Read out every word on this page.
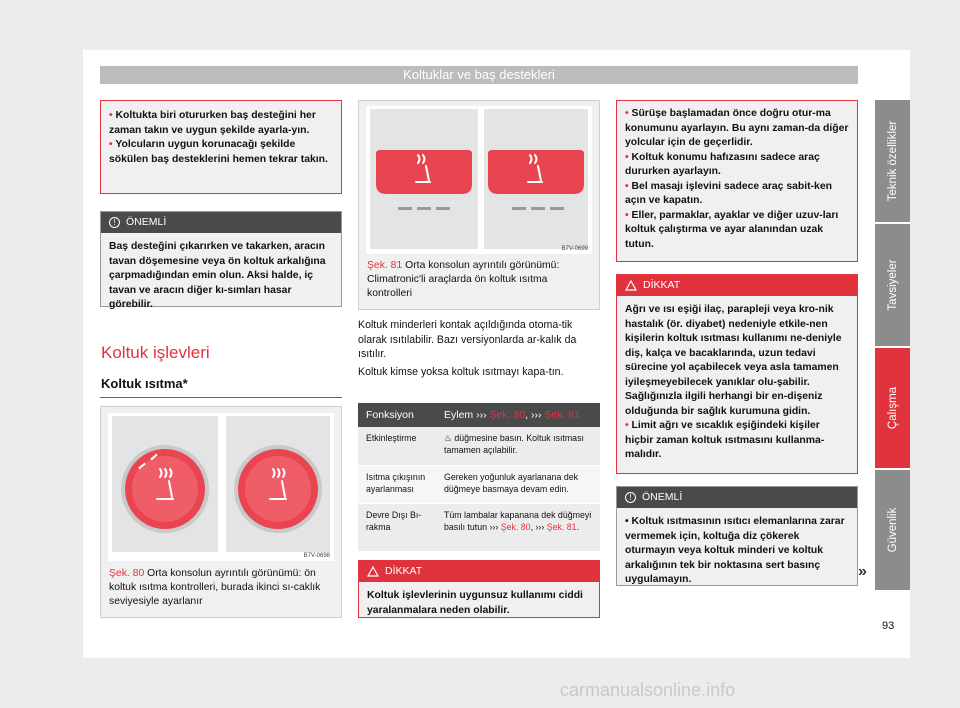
Koltuklar ve baş destekleri
• Koltukta biri otururken baş desteğini her zaman takın ve uygun şekilde ayarla-yın.
• Yolcuların uygun korunacağı şekilde sökülen baş desteklerini hemen tekrar takın.
! ÖNEMLİ
Baş desteğini çıkarırken ve takarken, aracın tavan döşemesine veya ön koltuk arkalığına çarpmadığından emin olun. Aksi halde, iç tavan ve aracın diğer kı-sımları hasar görebilir.
Koltuk işlevleri
Koltuk ısıtma*
B7V-0698
Şek. 80 Orta konsolun ayrıntılı görünümü: ön koltuk ısıtma kontrolleri, burada ikinci sı-caklık seviyesiyle ayarlanır
B7V-0699
Şek. 81 Orta konsolun ayrıntılı görünümü: Climatronic'li araçlarda ön koltuk ısıtma kontrolleri
Koltuk minderleri kontak açıldığında otoma-tik olarak ısıtılabilir. Bazı versiyonlarda ar-kalık da ısıtılır.
Koltuk kimse yoksa koltuk ısıtmayı kapa-tın.
Fonksiyon	Eylem ››› Şek. 80, ››› Şek. 81
Etkinleştirme	♨ düğmesine basın. Koltuk ısıtması tamamen açılabilir.
Isıtma çıkışının ayarlanması	Gereken yoğunluk ayarlanana dek düğmeye basmaya devam edin.
Devre Dışı Bı-rakma	Tüm lambalar kapanana dek düğmeyi basılı tutun ››› Şek. 80, ››› Şek. 81.
DİKKAT
Koltuk işlevlerinin uygunsuz kullanımı ciddi yaralanmalara neden olabilir.
• Sürüşe başlamadan önce doğru otur-ma konumunu ayarlayın. Bu aynı zaman-da diğer yolcular için de geçerlidir.
• Koltuk konumu hafızasını sadece araç dururken ayarlayın.
• Bel masajı işlevini sadece araç sabit-ken açın ve kapatın.
• Eller, parmaklar, ayaklar ve diğer uzuv-ları koltuk çalıştırma ve ayar alanından uzak tutun.
DİKKAT
Ağrı ve ısı eşiği ilaç, parapleji veya kro-nik hastalık (ör. diyabet) nedeniyle etkile-nen kişilerin koltuk ısıtması kullanımı ne-deniyle diş, kalça ve bacaklarında, uzun tedavi sürecine yol açabilecek veya asla tamamen iyileşmeyebilecek yanıklar olu-şabilir. Sağlığınızla ilgili herhangi bir en-dişeniz olduğunda bir sağlık kurumuna gidin.
• Limit ağrı ve sıcaklık eşiğindeki kişiler hiçbir zaman koltuk ısıtmasını kullanma-malıdır.
! ÖNEMLİ
• Koltuk ısıtmasının ısıtıcı elemanlarına zarar vermemek için, koltuğa diz çökerek oturmayın veya koltuk minderi ve koltuk arkalığının tek bir noktasına sert basınç uygulamayın.	»
Teknik özellikler
Tavsiyeler
Çalışma
Güvenlik
93
carmanualsonline.info
